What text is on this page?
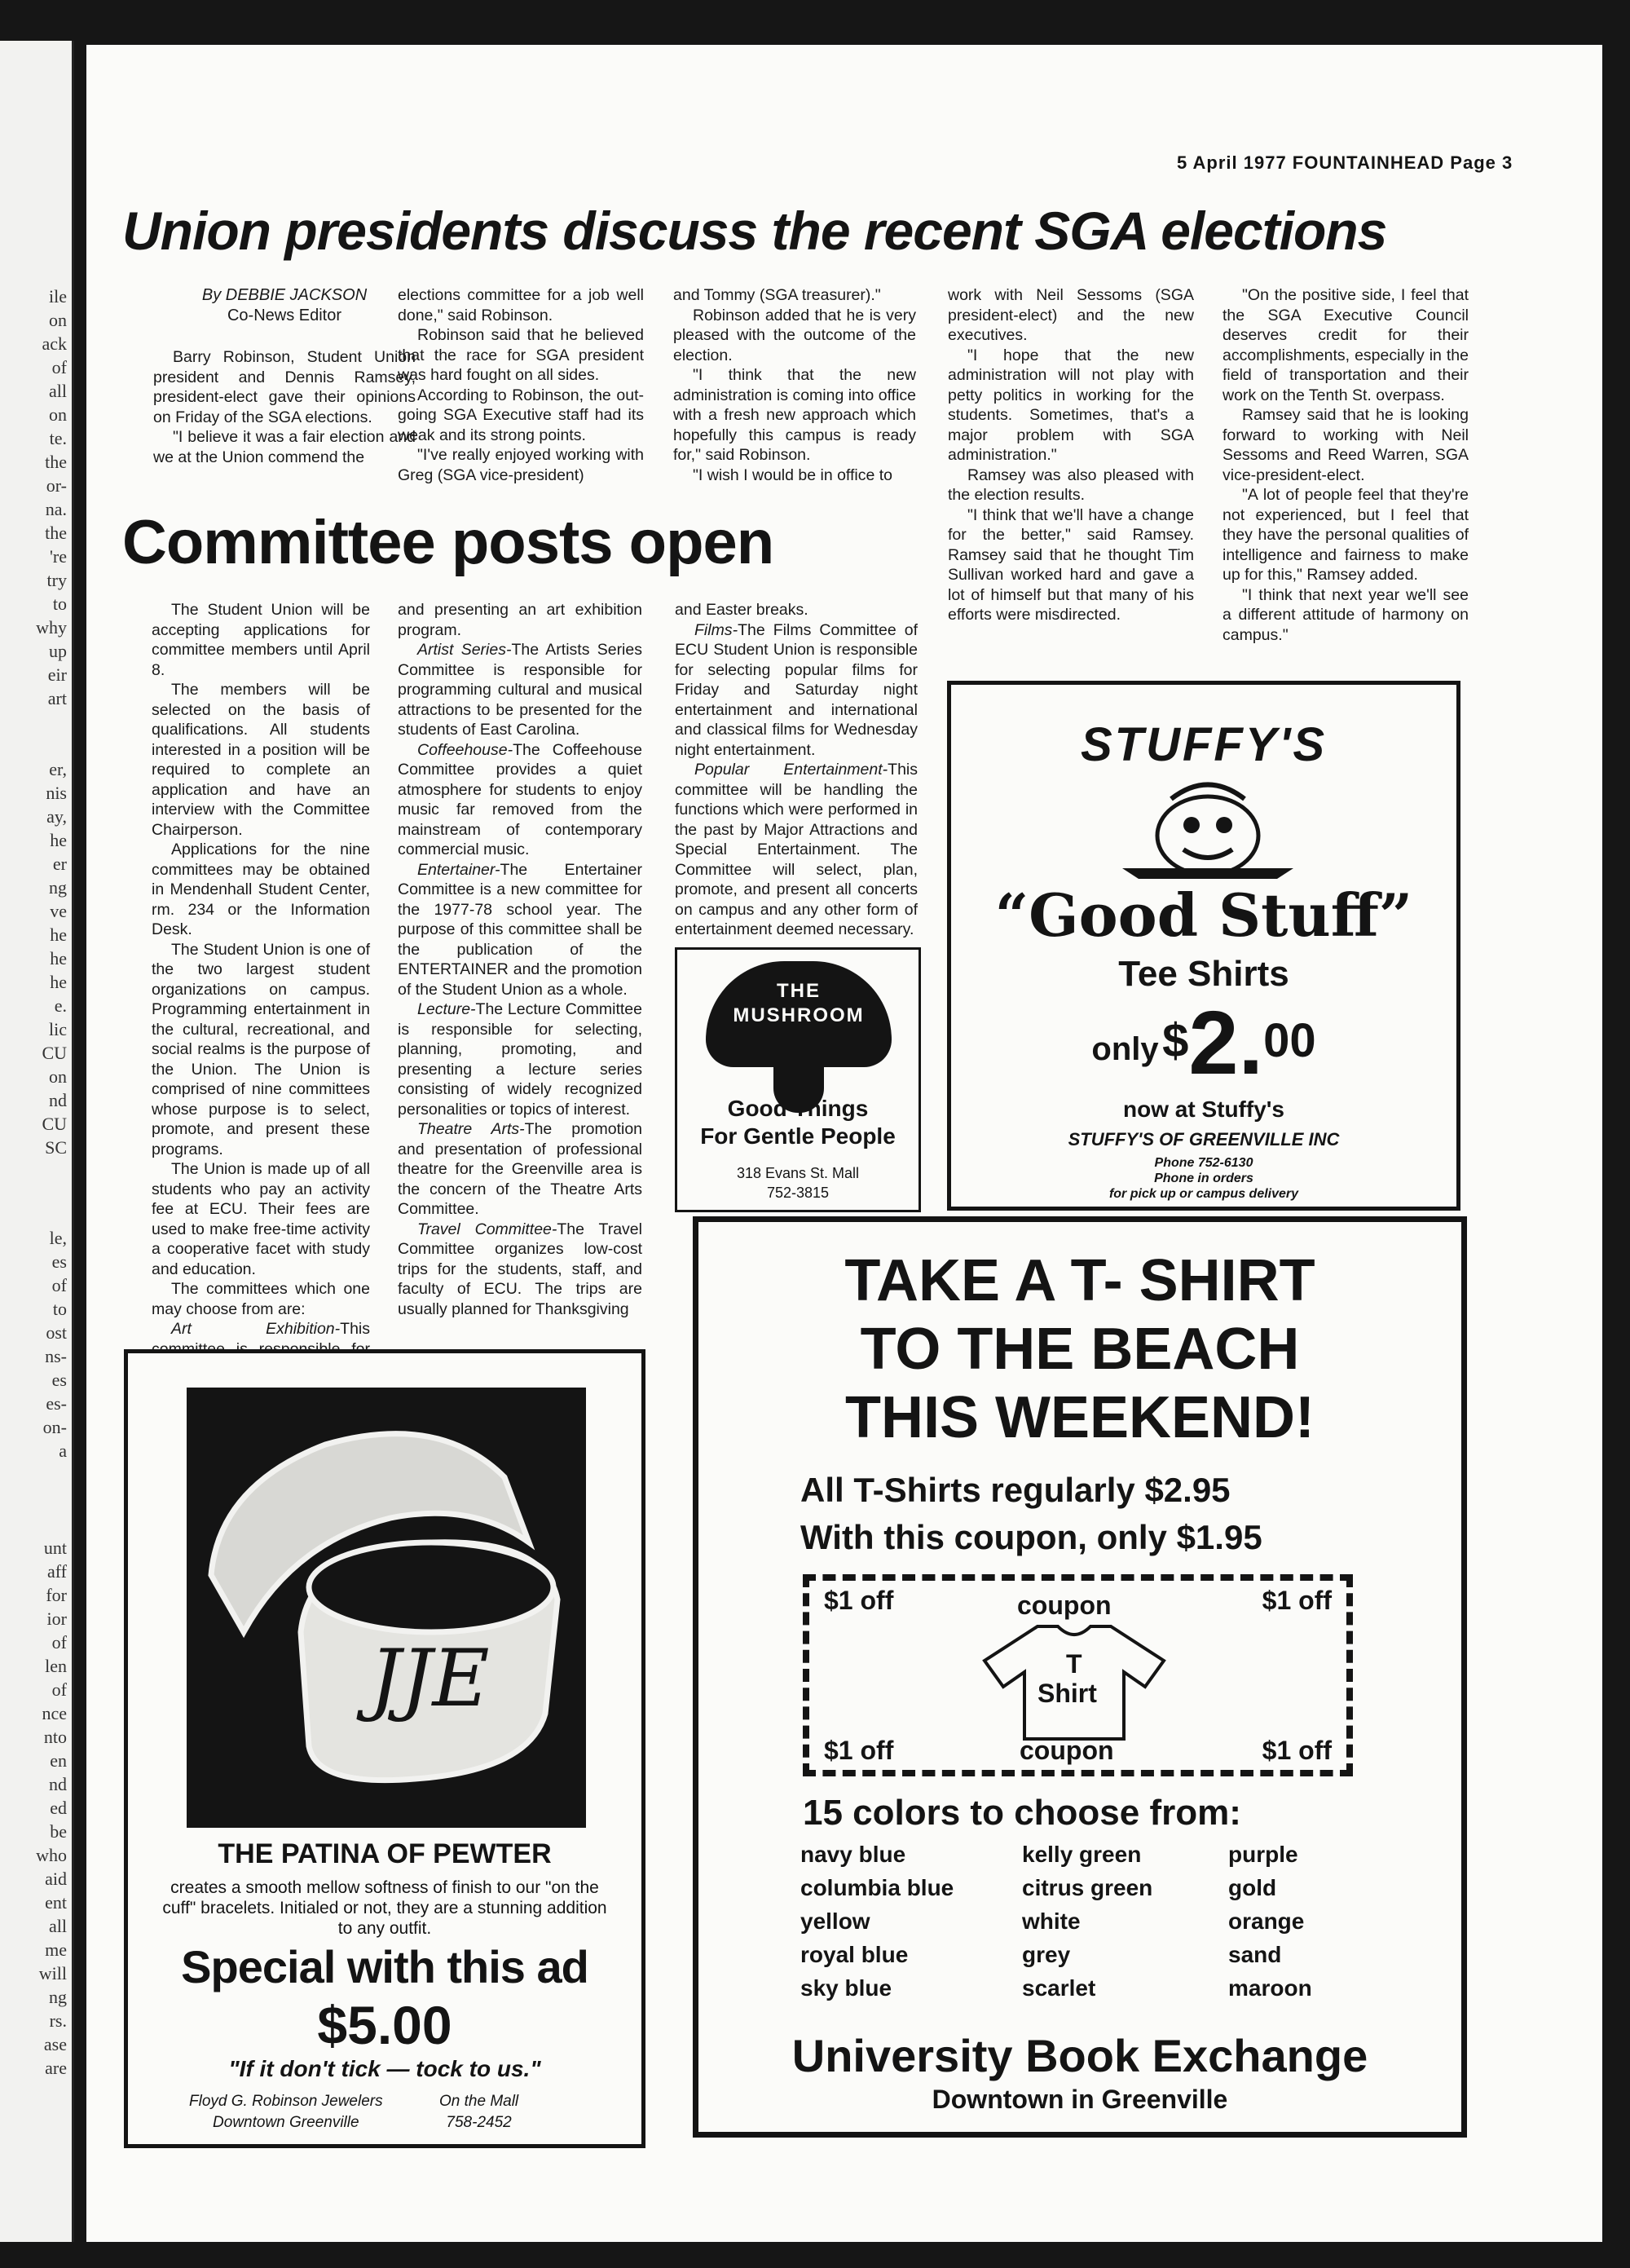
ile
on
ack
of
all
on
te.
the
or-
na.
the
're
try
to
why
up
eir
art
er,
nis
ay,
he
er
ng
ve
he
he
he
e.
lic
CU
on
nd
CU
SC
le,
es
of
to
ost
ns-
es
es-
on-
a
unt
aff
for
ior
of
len
of
nce
nto
en
nd
ed
be
who
aid
ent
all
me
will
ng
rs.
ase
are
5 April 1977 FOUNTAINHEAD Page 3
Union presidents discuss the recent SGA elections
By DEBBIE JACKSON
Co-News Editor

Barry Robinson, Student Union president and Dennis Ramsey, president-elect gave their opinions on Friday of the SGA elections.

"I believe it was a fair election and we at the Union commend the

elections committee for a job well done," said Robinson.

Robinson said that he believed that the race for SGA president was hard fought on all sides.

According to Robinson, the out-going SGA Executive staff had its weak and its strong points.

"I've really enjoyed working with Greg (SGA vice-president)

and Tommy (SGA treasurer)."

Robinson added that he is very pleased with the outcome of the election.

"I think that the new administration is coming into office with a fresh new approach which hopefully this campus is ready for," said Robinson.

"I wish I would be in office to

work with Neil Sessoms (SGA president-elect) and the new executives.

"I hope that the new administration will not play with petty politics in working for the students. Sometimes, that's a major problem with SGA administration."

Ramsey was also pleased with the election results.

"I think that we'll have a change for the better," said Ramsey. Ramsey said that he thought Tim Sullivan worked hard and gave a lot of himself but that many of his efforts were misdirected.

"On the positive side, I feel that the SGA Executive Council deserves credit for their accomplishments, especially in the field of transportation and their work on the Tenth St. overpass.

Ramsey said that he is looking forward to working with Neil Sessoms and Reed Warren, SGA vice-president-elect.

"A lot of people feel that they're not experienced, but I feel that they have the personal qualities of intelligence and fairness to make up for this," Ramsey added.

"I think that next year we'll see a different attitude of harmony on campus."

Committee posts open

The Student Union will be accepting applications for committee members until April 8.

The members will be selected on the basis of qualifications. All students interested in a position will be required to complete an application and have an interview with the Committee Chairperson.

Applications for the nine committees may be obtained in Mendenhall Student Center, rm. 234 or the Information Desk.

The Student Union is one of the two largest student organizations on campus. Programming entertainment in the cultural, recreational, and social realms is the purpose of the Union. The Union is comprised of nine committees whose purpose is to select, promote, and present these programs.

The Union is made up of all students who pay an activity fee at ECU. Their fees are used to make free-time activity a cooperative facet with study and education.

The committees which one may choose from are:

Art Exhibition-This

and presenting an art exhibition program.

Artist Series-The Artists Series Committee is responsible for programming cultural and musical attractions to be presented for the students of East Carolina.

Coffeehouse-The Coffeehouse Committee provides a quiet atmosphere for students to enjoy music far removed from the mainstream of contemporary commercial music.

Entertainer-The Entertainer Committee is a new committee for the 1977-78 school year. The purpose of this committee shall be the publication of the ENTERTAINER and the promotion of the Student Union as a whole.

Lecture-The Lecture Committee is responsible for selecting, planning, promoting, and presenting a lecture series consisting of widely recognized personalities or topics of interest.

Theatre Arts-The promotion and presentation of professional theatre for the Greenville area is the concern of the Theatre Arts Committee.

Travel Committee-The Travel Committee organizes low-cost trips for the students, staff, and faculty of ECU. The trips are usually planned for Thanksgiving

and Easter breaks.

Films-The Films Committee of ECU Student Union is responsible for selecting popular films for Friday and Saturday night entertainment and international and classical films for Wednesday night entertainment.

Popular Entertainment-This committee will be handling the functions which were performed in the past by Major Attractions and Special Entertainment. The Committee will select, plan, promote, and present all concerts on campus and any other form of entertainment deemed necessary.

STUFFY'S
“Good Stuff”
Tee Shirts
only $2.00
now at Stuffy's
STUFFY'S OF GREENVILLE INC
Phone 752-6130
Phone in orders
for pick up or campus delivery
THE
MUSHROOM
Good Things
For Gentle People
318 Evans St. Mall
752-3815
TAKE A T- SHIRT
TO THE BEACH
THIS WEEKEND!
All T-Shirts regularly $2.95
With this coupon, only $1.95
$1 off	coupon	$1 off
T
Shirt
$1 off	coupon	$1 off
15 colors to choose from:
navy blue	kelly green	purple
columbia blue	citrus green	gold
yellow	white	orange
royal blue	grey	sand
sky blue	scarlet	maroon
University Book Exchange
Downtown in Greenville
JJE
THE PATINA OF PEWTER
creates a smooth mellow softness of finish to our "on the cuff" bracelets. Initialed or not, they are a stunning addition to any outfit.
Special with this ad
$5.00
"If it don't tick — tock to us."
Floyd G. Robinson Jewelers
Downtown Greenville
On the Mall
758-2452
